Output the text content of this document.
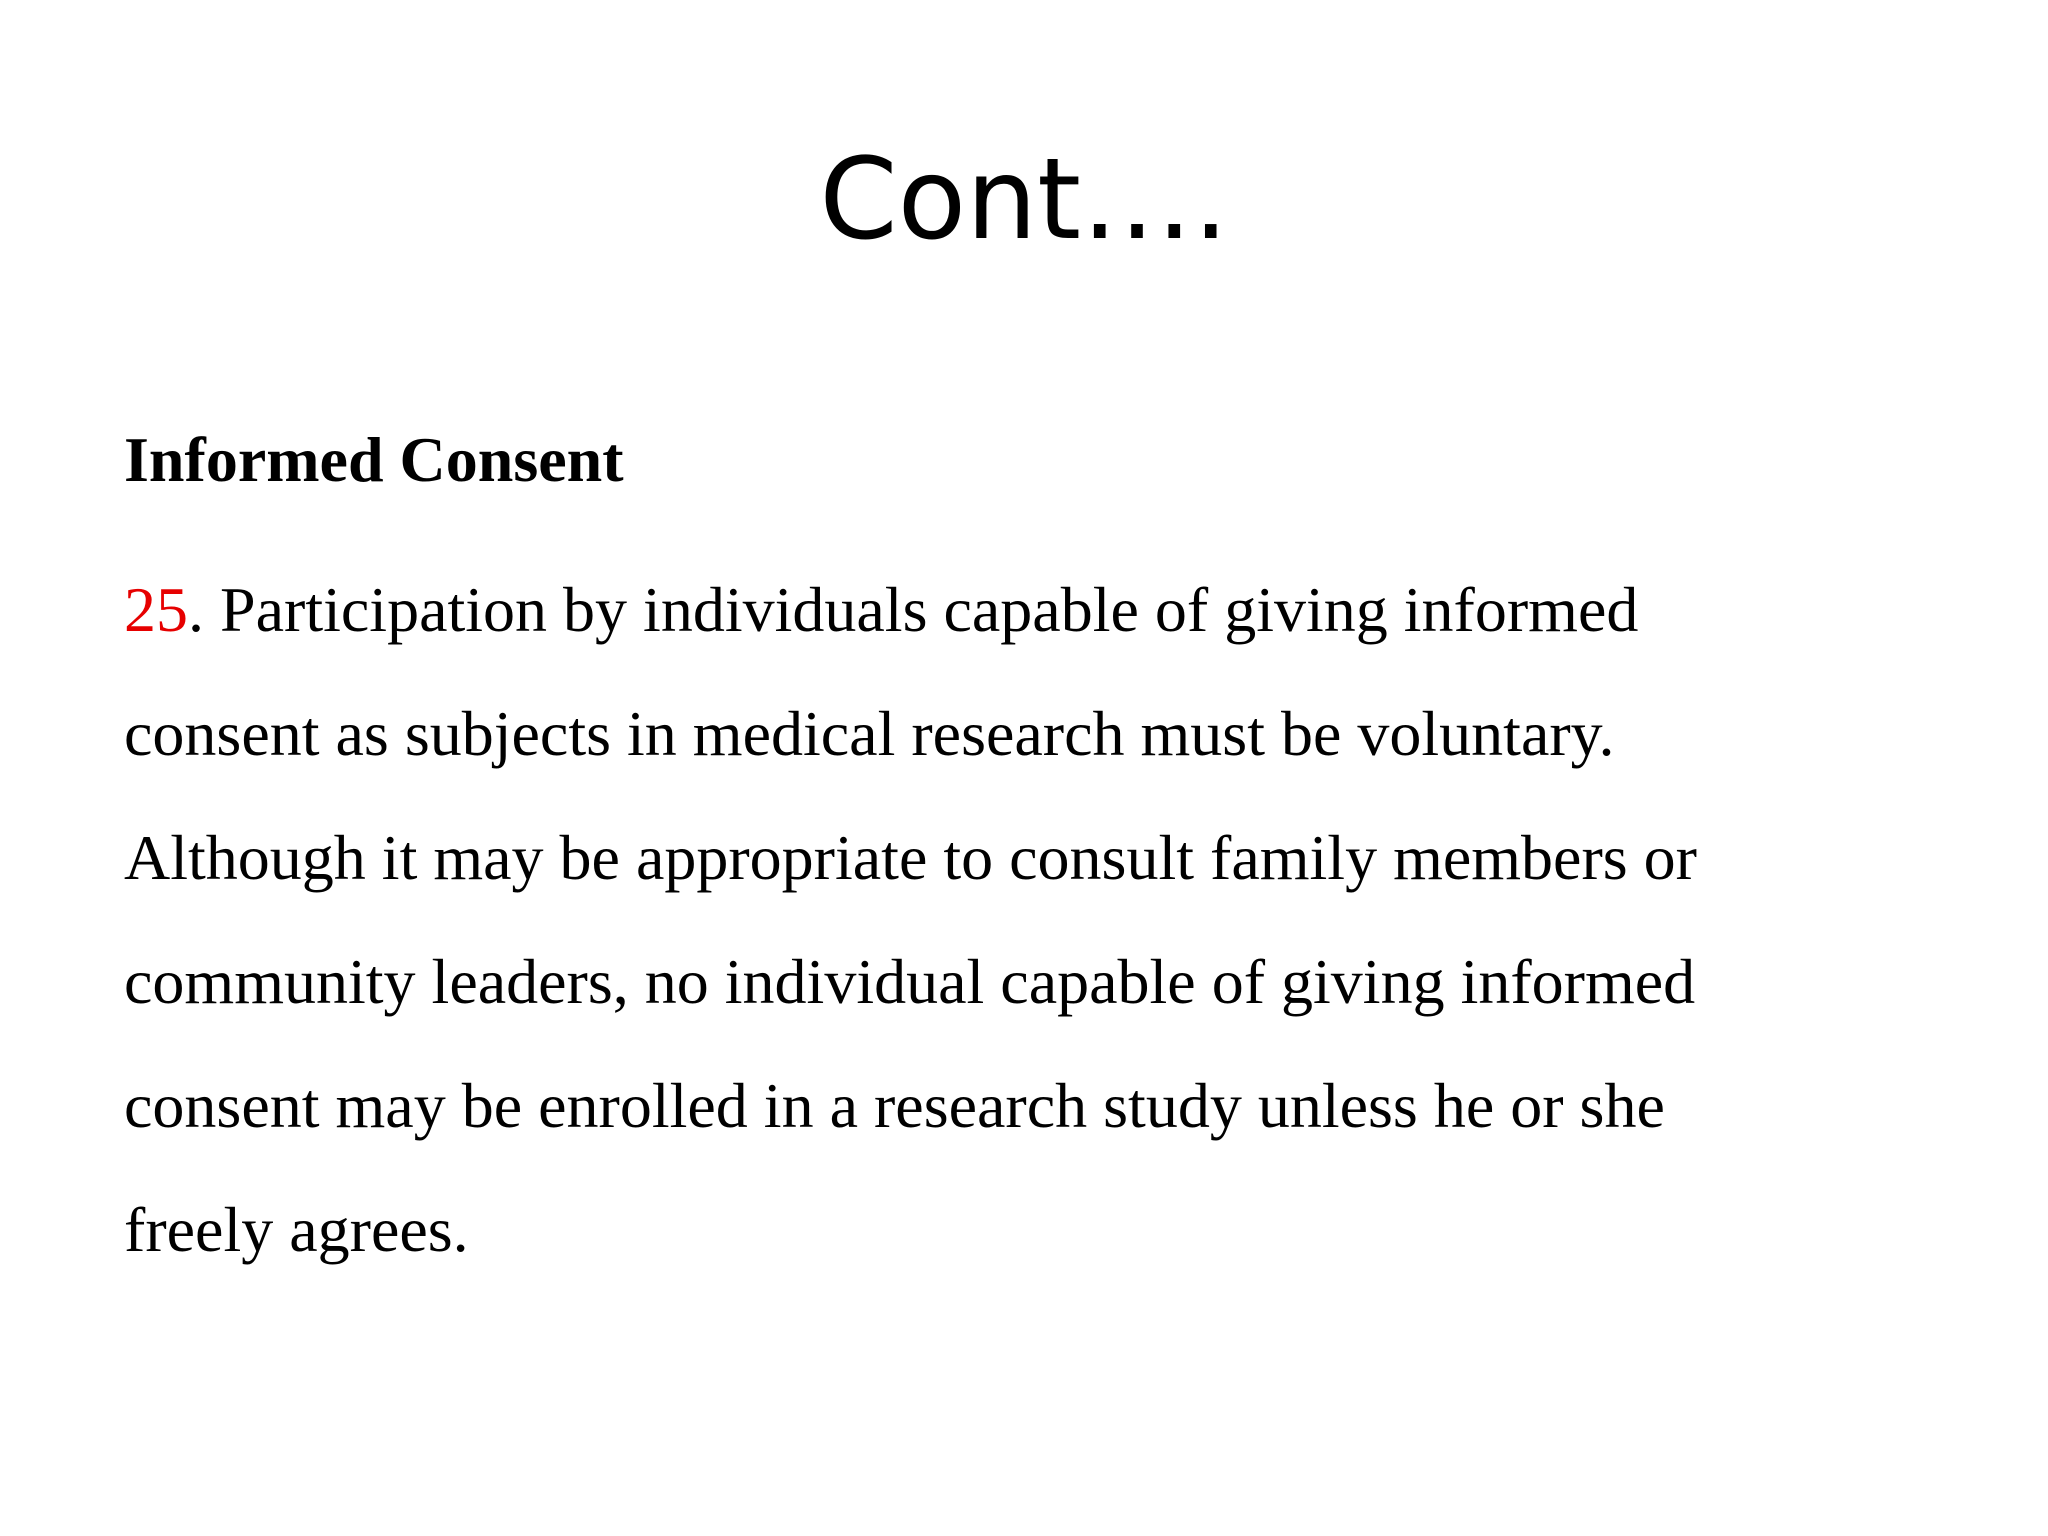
Cont….

Informed Consent

25. Participation by individuals capable of giving informed
consent as subjects in medical research must be voluntary.
Although it may be appropriate to consult family members or
community leaders, no individual capable of giving informed
consent may be enrolled in a research study unless he or she
freely agrees.
